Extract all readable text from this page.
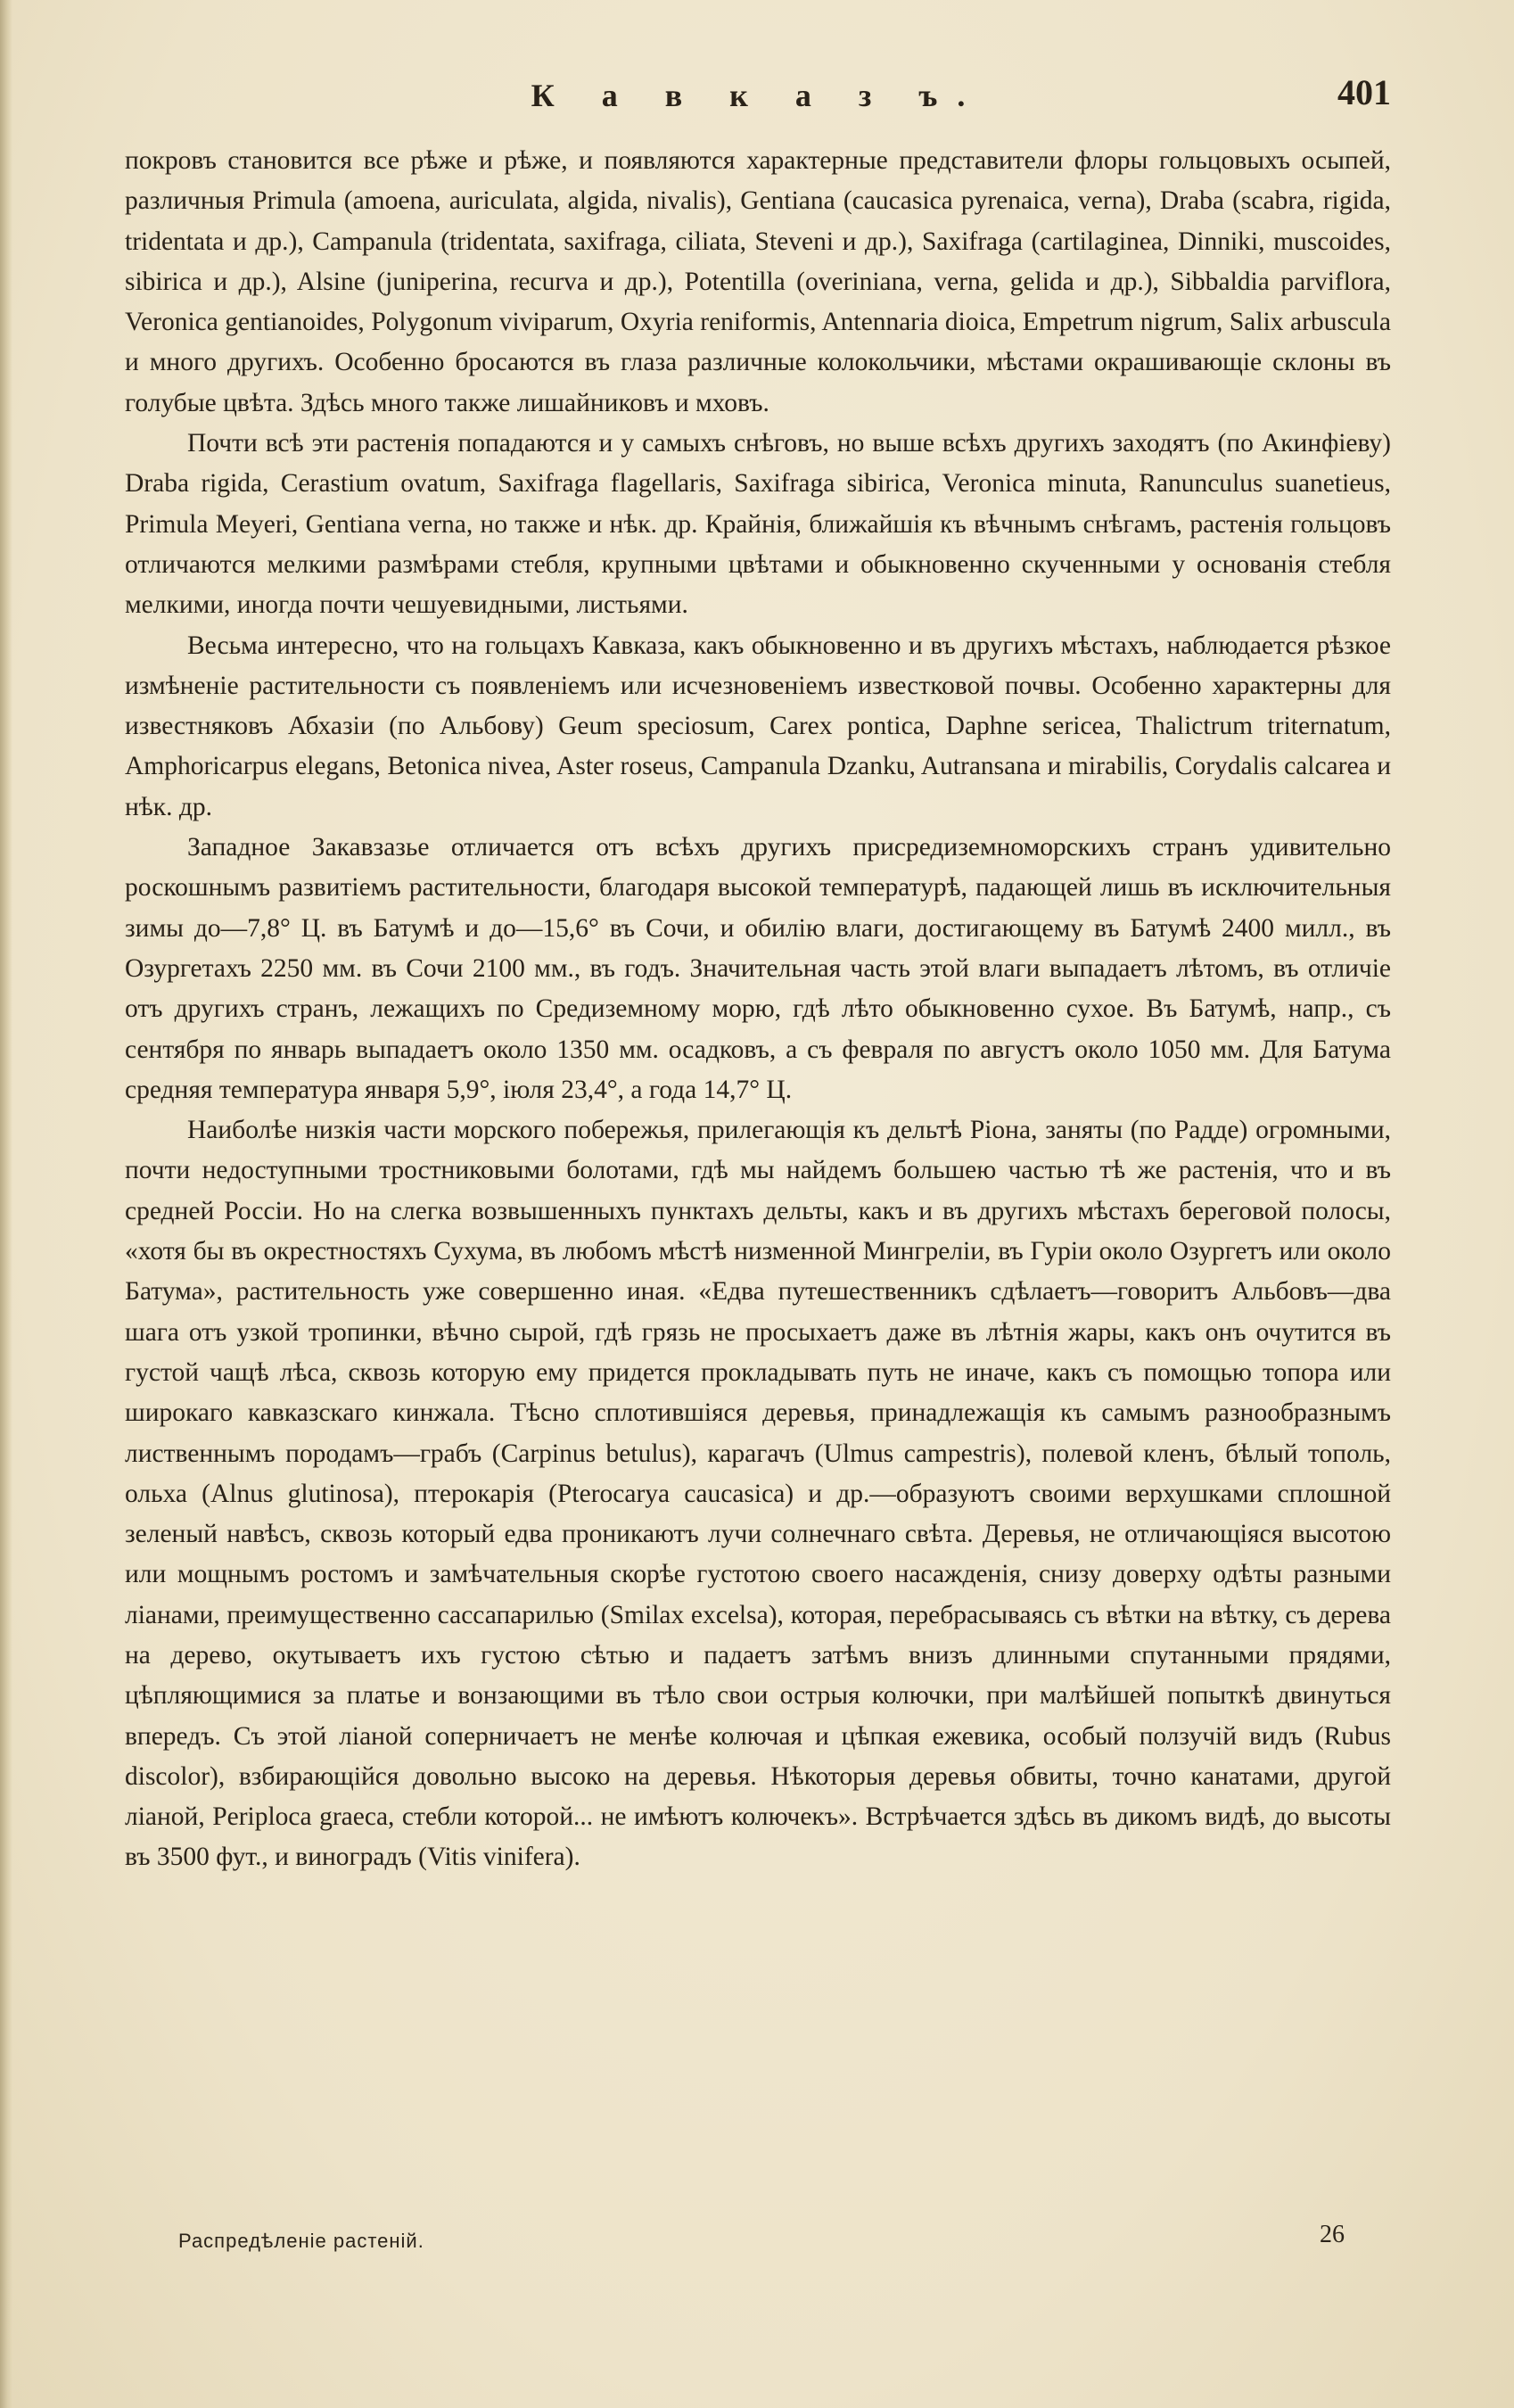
К а в к а з ъ.	401

покровъ становится все рѣже и рѣже, и появляются характерные представители флоры гольцовыхъ осыпей, различныя Primula (amoena, auriculata, algida, nivalis), Gentiana (caucasica pyrenaica, verna), Draba (scabra, rigida, tridentata и др.), Campanula (tridentata, saxifraga, ciliata, Steveni и др.), Saxifraga (cartilaginea, Dinniki, muscoides, sibirica и др.), Alsine (juniperina, recurva и др.), Potentilla (overiniana, verna, gelida и др.), Sibbaldia parviflora, Veronica gentianoides, Polygonum viviparum, Oxyria reniformis, Antennaria dioica, Empetrum nigrum, Salix arbuscula и много другихъ. Особенно бросаются въ глаза различные колокольчики, мѣстами окрашивающіе склоны въ голубые цвѣта. Здѣсь много также лишайниковъ и мховъ.

Почти всѣ эти растенія попадаются и у самыхъ снѣговъ, но выше всѣхъ другихъ заходятъ (по Акинфіеву) Draba rigida, Cerastium ovatum, Saxifraga flagellaris, Saxifraga sibirica, Veronica minuta, Ranunculus suanetieus, Primula Meyeri, Gentiana verna, но также и нѣк. др. Крайнія, ближайшія къ вѣчнымъ снѣгамъ, растенія гольцовъ отличаются мелкими размѣрами стебля, крупными цвѣтами и обыкновенно скученными у основанія стебля мелкими, иногда почти чешуевидными, листьями.

Весьма интересно, что на гольцахъ Кавказа, какъ обыкновенно и въ другихъ мѣстахъ, наблюдается рѣзкое измѣненіе растительности съ появленіемъ или исчезновеніемъ известковой почвы. Особенно характерны для известняковъ Абхазіи (по Альбову) Geum speciosum, Carex pontica, Daphne sericea, Thalictrum triternatum, Amphoricarpus elegans, Betonica nivea, Aster roseus, Campanula Dzanku, Autransana и mirabilis, Corydalis calcarea и нѣк. др.

Западное Закавзазье отличается отъ всѣхъ другихъ присредиземноморскихъ странъ удивительно роскошнымъ развитіемъ растительности, благодаря высокой температурѣ, падающей лишь въ исключительныя зимы до—7,8° Ц. въ Батумѣ и до—15,6° въ Сочи, и обилію влаги, достигающему въ Батумѣ 2400 милл., въ Озургетахъ 2250 мм. въ Сочи 2100 мм., въ годъ. Значительная часть этой влаги выпадаетъ лѣтомъ, въ отличіе отъ другихъ странъ, лежащихъ по Средиземному морю, гдѣ лѣто обыкновенно сухое. Въ Батумѣ, напр., съ сентября по январь выпадаетъ около 1350 мм. осадковъ, а съ февраля по августъ около 1050 мм. Для Батума средняя температура января 5,9°, іюля 23,4°, а года 14,7° Ц.

Наиболѣе низкія части морского побережья, прилегающія къ дельтѣ Ріона, заняты (по Радде) огромными, почти недоступными тростниковыми болотами, гдѣ мы найдемъ большею частью тѣ же растенія, что и въ средней Россіи. Но на слегка возвышенныхъ пунктахъ дельты, какъ и въ другихъ мѣстахъ береговой полосы, «хотя бы въ окрестностяхъ Сухума, въ любомъ мѣстѣ низменной Мингреліи, въ Гуріи около Озургетъ или около Батума», растительность уже совершенно иная. «Едва путешественникъ сдѣлаетъ—говоритъ Альбовъ—два шага отъ узкой тропинки, вѣчно сырой, гдѣ грязь не просыхаетъ даже въ лѣтнія жары, какъ онъ очутится въ густой чащѣ лѣса, сквозь которую ему придется прокладывать путь не иначе, какъ съ помощью топора или широкаго кавказскаго кинжала. Тѣсно сплотившіяся деревья, принадлежащія къ самымъ разнообразнымъ лиственнымъ породамъ—грабъ (Carpinus betulus), карагачъ (Ulmus campestris), полевой кленъ, бѣлый тополь, ольха (Alnus glutinosa), птерокарія (Pterocarya caucasica) и др.—образуютъ своими верхушками сплошной зеленый навѣсъ, сквозь который едва проникаютъ лучи солнечнаго свѣта. Деревья, не отличающіяся высотою или мощнымъ ростомъ и замѣчательныя скорѣе густотою своего насажденія, снизу доверху одѣты разными ліанами, преимущественно сассапарилью (Smilax excelsa), которая, перебрасываясь съ вѣтки на вѣтку, съ дерева на дерево, окутываетъ ихъ густою сѣтью и падаетъ затѣмъ внизъ длинными спутанными прядями, цѣпляющимися за платье и вонзающими въ тѣло свои острыя колючки, при малѣйшей попыткѣ двинуться впередъ. Съ этой ліаной соперничаетъ не менѣе колючая и цѣпкая ежевика, особый ползучій видъ (Rubus discolor), взбирающійся довольно высоко на деревья. Нѣкоторыя деревья обвиты, точно канатами, другой ліаной, Periploca graeca, стебли которой... не имѣютъ колючекъ». Встрѣчается здѣсь въ дикомъ видѣ, до высоты въ 3500 фут., и виноградъ (Vitis vinifera).

Распредѣленіе растеній.	26
